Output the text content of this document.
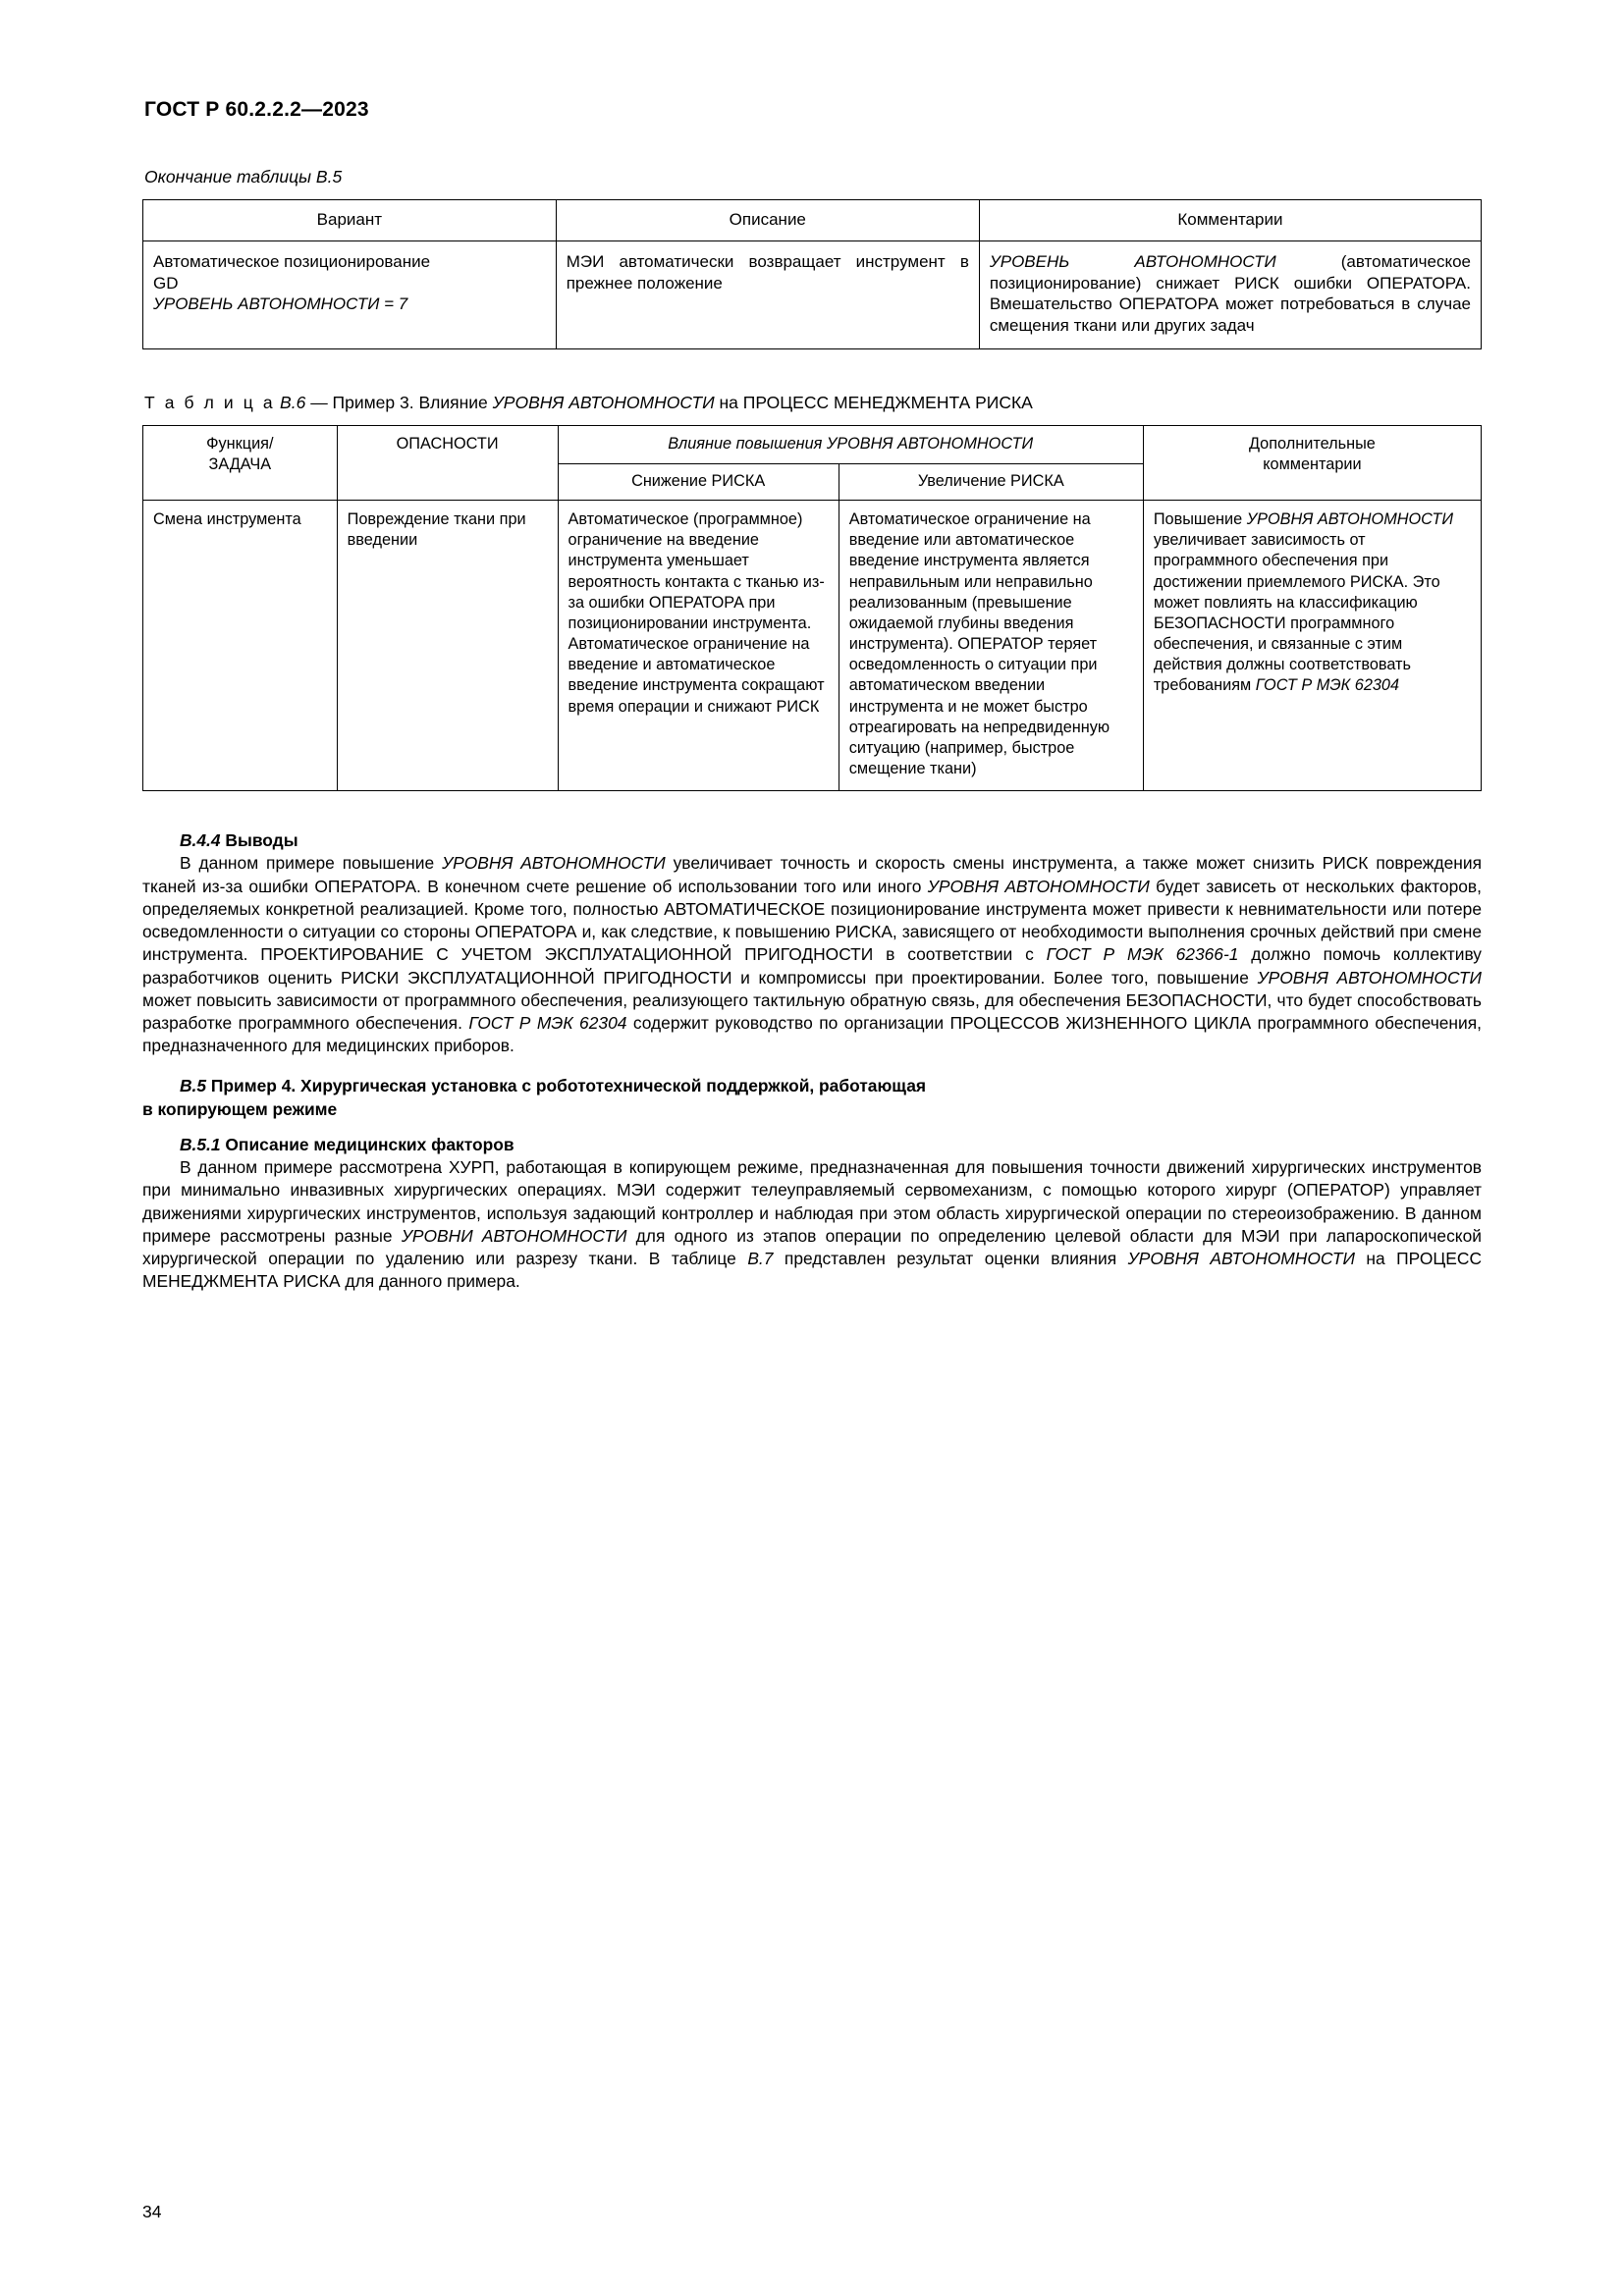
ГОСТ Р 60.2.2.2—2023
Окончание таблицы В.5
Вариант	Описание	Комментарии

Автоматическое позиционирование
GD
УРОВЕНЬ АВТОНОМНОСТИ = 7	МЭИ автоматически возвращает инструмент в прежнее положение	УРОВЕНЬ АВТОНОМНОСТИ (автоматическое позиционирование) снижает РИСК ошибки ОПЕРАТОРА. Вмешательство ОПЕРАТОРА может потребоваться в случае смещения ткани или других задач
Т а б л и ц а В.6 — Пример 3. Влияние УРОВНЯ АВТОНОМНОСТИ на ПРОЦЕСС МЕНЕДЖМЕНТА РИСКА
Функция/
ЗАДАЧА
	ОПАСНОСТИ	Влияние повышения УРОВНЯ АВТОНОМНОСТИ	Дополнительные
комментарии

		Снижение РИСКА	Увеличение РИСКА	
Смена инструмента	Повреждение ткани при введении	Автоматическое (программное) ограничение на введение инструмента уменьшает вероятность контакта с тканью из-за ошибки ОПЕРАТОРА при позиционировании инструмента. Автоматическое ограничение на введение и автоматическое введение инструмента сокращают время операции и снижают РИСК	Автоматическое ограничение на введение или автоматическое введение инструмента является неправильным или неправильно реализованным (превышение ожидаемой глубины введения инструмента). ОПЕРАТОР теряет осведомленность о ситуации при автоматическом введении инструмента и не может быстро отреагировать на непредвиденную ситуацию (например, быстрое смещение ткани)	Повышение УРОВНЯ АВТОНОМНОСТИ увеличивает зависимость от программного обеспечения при достижении приемлемого РИСКА. Это может повлиять на классификацию БЕЗОПАСНОСТИ программного обеспечения, и связанные с этим действия должны соответствовать требованиям ГОСТ Р МЭК 62304
В.4.4 Выводы

В данном примере повышение УРОВНЯ АВТОНОМНОСТИ увеличивает точность и скорость смены инструмента, а также может снизить РИСК повреждения тканей из-за ошибки ОПЕРАТОРА. В конечном счете решение об использовании того или иного УРОВНЯ АВТОНОМНОСТИ будет зависеть от нескольких факторов, определяемых конкретной реализацией. Кроме того, полностью АВТОМАТИЧЕСКОЕ позиционирование инструмента может привести к невнимательности или потере осведомленности о ситуации со стороны ОПЕРАТОРА и, как следствие, к повышению РИСКА, зависящего от необходимости выполнения срочных действий при смене инструмента. ПРОЕКТИРОВАНИЕ С УЧЕТОМ ЭКСПЛУАТАЦИОННОЙ ПРИГОДНОСТИ в соответствии с ГОСТ Р МЭК 62366-1 должно помочь коллективу разработчиков оценить РИСКИ ЭКСПЛУАТАЦИОННОЙ ПРИГОДНОСТИ и компромиссы при проектировании. Более того, повышение УРОВНЯ АВТОНОМНОСТИ может повысить зависимости от программного обеспечения, реализующего тактильную обратную связь, для обеспечения БЕЗОПАСНОСТИ, что будет способствовать разработке программного обеспечения. ГОСТ Р МЭК 62304 содержит руководство по организации ПРОЦЕССОВ ЖИЗНЕННОГО ЦИКЛА программного обеспечения, предназначенного для медицинских приборов.

В.5 Пример 4. Хирургическая установка с робототехнической поддержкой, работающая
в копирующем режиме
В.5.1 Описание медицинских факторов

В данном примере рассмотрена ХУРП, работающая в копирующем режиме, предназначенная для повышения точности движений хирургических инструментов при минимально инвазивных хирургических операциях. МЭИ содержит телеуправляемый сервомеханизм, с помощью которого хирург (ОПЕРАТОР) управляет движениями хирургических инструментов, используя задающий контроллер и наблюдая при этом область хирургической операции по стереоизображению. В данном примере рассмотрены разные УРОВНИ АВТОНОМНОСТИ для одного из этапов операции по определению целевой области для МЭИ при лапароскопической хирургической операции по удалению или разрезу ткани. В таблице В.7 представлен результат оценки влияния УРОВНЯ АВТОНОМНОСТИ на ПРОЦЕСС МЕНЕДЖМЕНТА РИСКА для данного примера.

34
